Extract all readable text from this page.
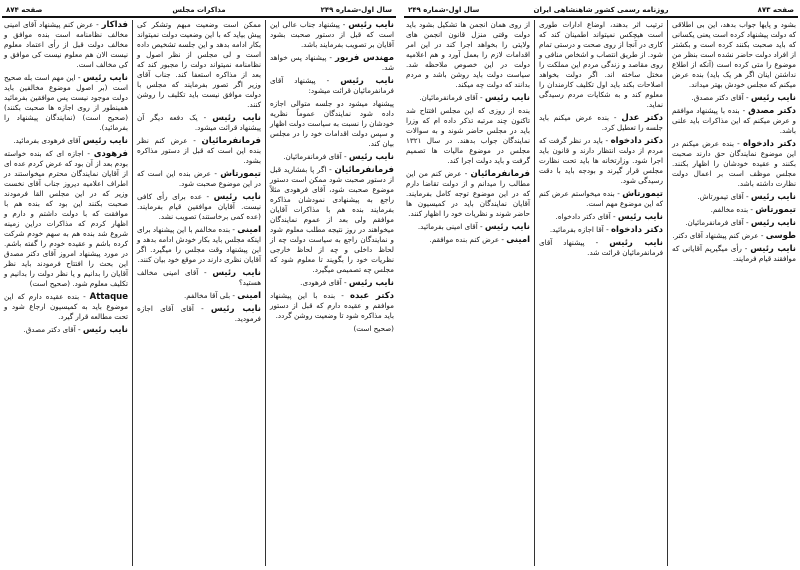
سال اول-شماره ۲۴۹
مذاکرات مجلس
صفحه ۸۷۴

نایب رئیس - پیشنهاد جناب عالی این است که قبل از دستور صحبت بشود آقایان بر تصویب بفرمایند باشد.

مهندس فریور - پیشنهاد پس خواهد شد.

نایب رئیس - پیشنهاد آقای فرمانفرمائیان قرائت میشود:

پیشنهاد میشود دو جلسه متوالی اجازه داده شود نمایندگان عموماً نظریه خودشان را نسبت به سیاست دولت اظهار و سپس دولت اقدامات خود را در مجلس بیان کند.

نایب رئیس - آقای فرمانفرمائیان.

فرمانفرمائیان - اگر پا بفشارید قبل از دستور صحبت شود ممکن است دستور موضوع صحبت شود، آقای فرهودی مثلاً راجع به پیشنهادی نمودشان مذاکره بفرمایند بنده هم با مذاکرات آقایان موافقم ولی بعد از عموم نمایندگان میخواهند در روز نتیجه مطلب معلوم شود و نمایندگان راجع به سیاست دولت چه از لحاظ داخلی و چه از لحاظ خارجی نظریات خود را بگویند تا معلوم شود که مجلس چه تصمیمی میگیرد.

نایب رئیس - آقای فرهودی.

دکتر عبده - بنده با این پیشنهاد موافقم و عقیده دارم که قبل از دستور باید مذاکره شود تا وضعیت روشن گردد.

(صحیح است)

ممکن است وضعیت مبهم وتشکر کی پیش بیاید که با این وضعیت دولت نمیتواند بکار ادامه بدهد و این جلسه تشخیص داده است و لی مجلس از نظر اصول و نظامنامه نمیتواند دولت را مجبور کند که بعد از مذاکره استعفا کند. جناب آقای وزیر اگر تصور بفرمایند که مجلس با دولت موافق نیست باید تکلیف را روشن کنند.

نایب رئیس - یک دفعه دیگر آن پیشنهاد قرائت میشود.

فرمانفرمائیان - عرض کنم نظر بنده این است که قبل از دستور مذاکره بشود.

تیمورتاش - عرض بنده این است که در این موضوع صحبت شود.

نایب رئیس - عده برای رأی کافی نیست. آقایان موافقین قیام بفرمایند. (عده کمی برخاستند) تصویب نشد.

امینی - بنده مخالفم با این پیشنهاد برای اینکه مجلس باید بکار خودش ادامه بدهد و این پیشنهاد وقت مجلس را میگیرد. اگر آقایان نظری دارند در موقع خود بیان کنند.

نایب رئیس - آقای امینی مخالف هستید؟

امینی - بلی آقا مخالفم.

نایب رئیس - آقای آقای اجازه فرمودید.

فداکار - عرض کنم پیشنهاد آقای امینی مخالف نظامنامه است بنده موافق و مخالف دولت قبل از رأی اعتماد معلوم نیست الان هم معلوم نیست کی موافق و کی مخالف است.

نایب رئیس - این مهم است بله صحیح است (بر اصول موضوع مخالفین باید دولت موجود نیست پس موافقین بفرمائید همینطور از روی اجازه ها صحبت بکنند) (صحیح است) (نمایندگان پیشنهاد را بفرمائید).

نایب رئیس آقای فرهودی بفرمائید.

فرهودی - اجازه ای که بنده خواسته بودم بعد از آن بود که عرض کردم عده ای از آقایان نمایندگان محترم میخواستند در اطراف اعلامیه دیروز جناب آقای نخست وزیر که در این مجلس القا فرمودند صحبت بکنند این بود که بنده هم با موافقت که با دولت داشتم و دارم و اظهار کردم که مذاکرات دراین زمینه شروع شد بنده هم به سهم خودم شرکت کرده باشم و عقیده خودم را گفته باشم. در مورد پیشنهاد امروز آقای دکتر مصدق این بحث را افتتاح فرمودند باید نظر آقایان را بدانیم و یا نظر دولت را بدانیم و تکلیف معلوم شود. (صحیح است)

Attaque - بنده عقیده دارم که این موضوع باید به کمیسیون ارجاع شود و تحت مطالعه قرار گیرد.

نایب رئیس - آقای دکتر مصدق.

سال اول-شماره ۲۴۹	روزنامه رسمی کشور شاهنشاهی ایران	صفحه ۸۷۳

بشود و پایها جواب بدهد، این بی اطلاقی که دولت پیشنهاد کرده است یعنی یکسانی که باید صحبت بکنند کرده است و بکشتر از افراد دولت حاضر نشده است بنظر من موضوع را متی کرده است (آنکه از اطلاع نداشتن اینان اگر هر یک باید) بنده عرض میکنم که مجلس خودش بهتر میداند.

نایب رئیس - آقای دکتر مصدق.

دکتر مصدق - بنده با پیشنهاد موافقم و عرض میکنم که این مذاکرات باید علنی باشد.

دکتر دادخواه - بنده عرض میکنم در این موضوع نمایندگان حق دارند صحبت بکنند و عقیده خودشان را اظهار بکنند. مجلس موظف است بر اعمال دولت نظارت داشته باشد.

نایب رئیس - آقای تیمورتاش.

تیمورتاش - بنده مخالفم.

نایب رئیس - آقای فرمانفرمائیان.

طوسی - عرض کنم پیشنهاد آقای دکتر.

نایب رئیس - رأی میگیریم آقایانی که موافقند قیام فرمایند.

ترتیب اثر بدهند، اوضاع ادارات طوری است هیچکس نمیتواند اطمینان کند که کاری در آنجا از روی صحت و درستی تمام شود. از طریق انتصاب و اشخاص منافی و روی مقاصد و زندگی مردم این مملکت را مختل ساخته اند. اگر دولت بخواهد اصلاحات بکند باید اول تکلیف کارمندان را معلوم کند و به شکایات مردم رسیدگی نماید.

دکتر عدل - بنده عرض میکنم باید جلسه را تعطیل کرد.

دکتر دادخواه - باید در نظر گرفت که مردم از دولت انتظار دارند و قانون باید اجرا شود. وزارتخانه ها باید تحت نظارت مجلس قرار گیرند و بودجه باید با دقت رسیدگی شود.

تیمورتاش - بنده میخواستم عرض کنم که این موضوع مهم است.

نایب رئیس - آقای دکتر دادخواه.

دکتر دادخواه - آقا اجازه بفرمائید.

نایب رئیس - پیشنهاد آقای فرمانفرمائیان قرائت شد.

از روی همان انجمن ها تشکیل بشود باید دولت وقتی منزل قانون انجمن های ولایتی را بخواهد اجرا کند در این امر اقدامات لازم را بعمل آورد و هم اعلامیه دولت در این خصوص ملاحظه شد. سیاست دولت باید روشن باشد و مردم بدانند که دولت چه میکند.

نایب رئیس - آقای فرمانفرمائیان.

بنده از روزی که این مجلس افتتاح شد تاکنون چند مرتبه تذکر داده ام که وزرا باید در مجلس حاضر شوند و به سوالات نمایندگان جواب بدهند. در سال ۱۳۲۱ مجلس در موضوع مالیات ها تصمیم گرفت و باید دولت اجرا کند.

فرمانفرمائیان - عرض کنم من این مطالب را میدانم و از دولت تقاضا دارم که در این موضوع توجه کامل بفرمایند. آقایان نمایندگان باید در کمیسیون ها حاضر شوند و نظریات خود را اظهار کنند.

نایب رئیس - آقای امینی بفرمائید.

امینی - عرض کنم بنده موافقم.
